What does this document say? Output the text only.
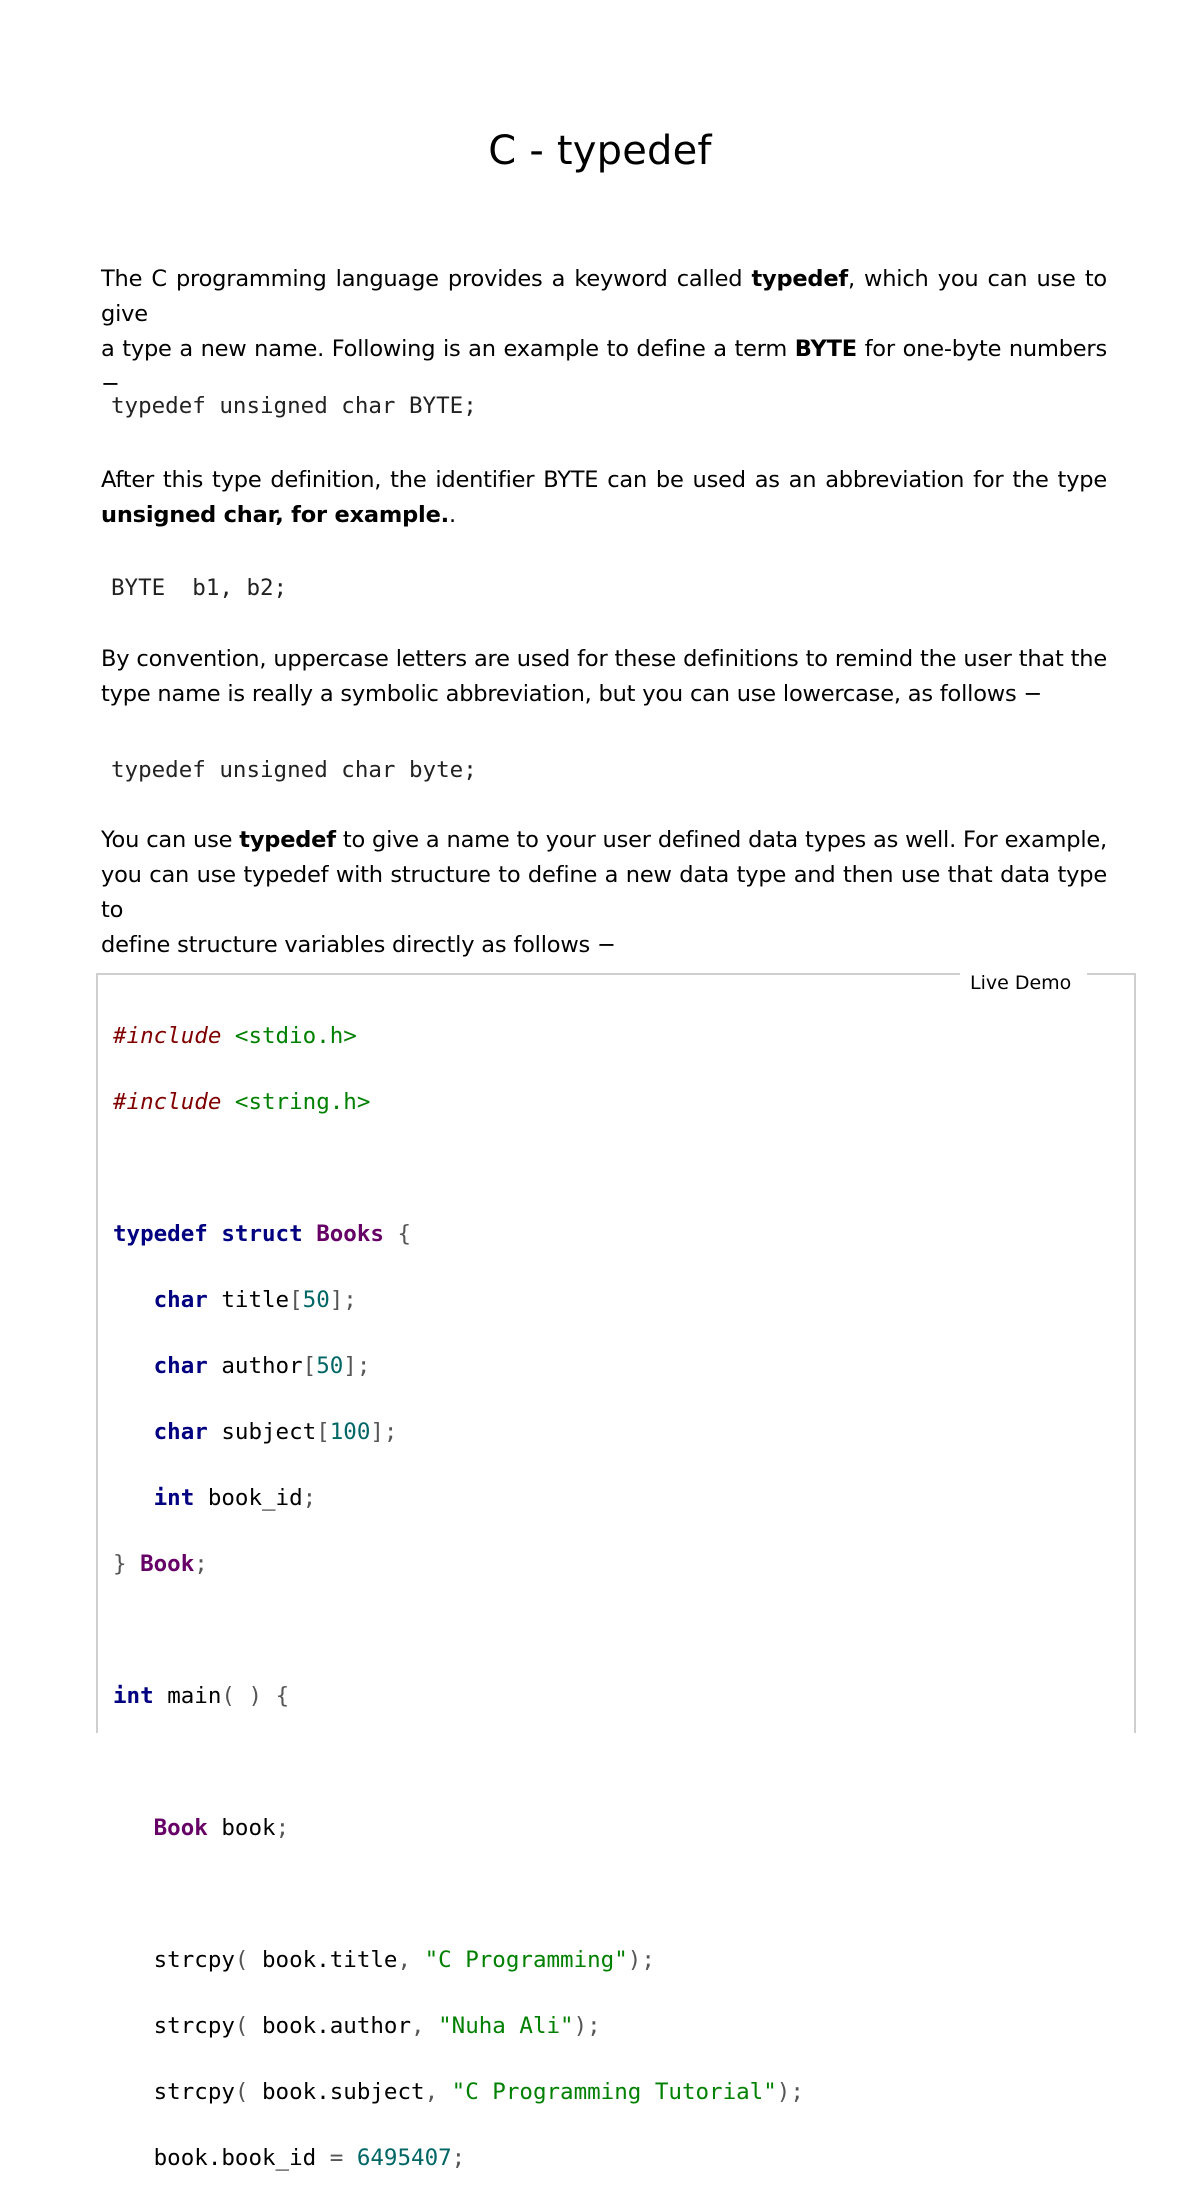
C - typedef

The C programming language provides a keyword called typedef, which you can use to give
a type a new name. Following is an example to define a term BYTE for one-byte numbers −

typedef unsigned char BYTE;

After this type definition, the identifier BYTE can be used as an abbreviation for the type
unsigned char, for example..

BYTE  b1, b2;

By convention, uppercase letters are used for these definitions to remind the user that the
type name is really a symbolic abbreviation, but you can use lowercase, as follows −

typedef unsigned char byte;

You can use typedef to give a name to your user defined data types as well. For example,
you can use typedef with structure to define a new data type and then use that data type to
define structure variables directly as follows −

Live Demo

#include <stdio.h>

#include <string.h>

typedef struct Books {

char title[50];

char author[50];

char subject[100];

int book_id;

} Book;

int main( ) {

Book book;

strcpy( book.title, "C Programming");

strcpy( book.author, "Nuha Ali");

strcpy( book.subject, "C Programming Tutorial");

book.book_id = 6495407;
